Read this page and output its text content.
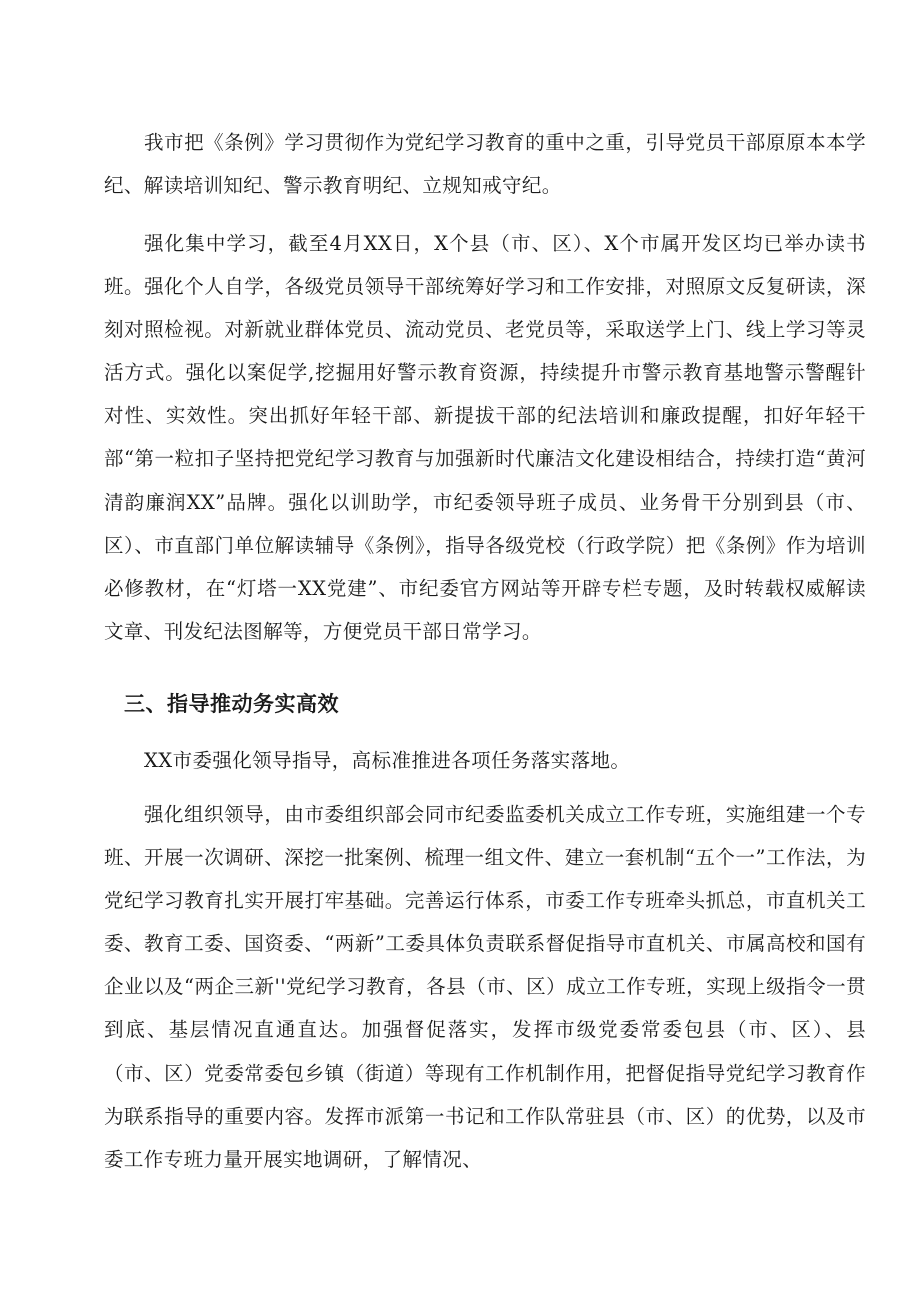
我市把《条例》学习贯彻作为党纪学习教育的重中之重，引导党员干部原原本本学纪、解读培训知纪、警示教育明纪、立规知戒守纪。

强化集中学习，截至4月XX日，X个县（市、区）、X个市属开发区均已举办读书班。强化个人自学，各级党员领导干部统筹好学习和工作安排，对照原文反复研读，深刻对照检视。对新就业群体党员、流动党员、老党员等，采取送学上门、线上学习等灵活方式。强化以案促学,挖掘用好警示教育资源，持续提升市警示教育基地警示警醒针对性、实效性。突出抓好年轻干部、新提拔干部的纪法培训和廉政提醒，扣好年轻干部“第一粒扣子坚持把党纪学习教育与加强新时代廉洁文化建设相结合，持续打造“黄河清韵廉润XX”品牌。强化以训助学，市纪委领导班子成员、业务骨干分别到县（市、区）、市直部门单位解读辅导《条例》，指导各级党校（行政学院）把《条例》作为培训必修教材，在“灯塔一XX党建”、市纪委官方网站等开辟专栏专题，及时转载权威解读文章、刊发纪法图解等，方便党员干部日常学习。

三、指导推动务实高效

XX市委强化领导指导，高标准推进各项任务落实落地。

强化组织领导，由市委组织部会同市纪委监委机关成立工作专班，实施组建一个专班、开展一次调研、深挖一批案例、梳理一组文件、建立一套机制“五个一”工作法，为党纪学习教育扎实开展打牢基础。完善运行体系，市委工作专班牵头抓总，市直机关工委、教育工委、国资委、“两新”工委具体负责联系督促指导市直机关、市属高校和国有企业以及“两企三新''党纪学习教育，各县（市、区）成立工作专班，实现上级指令一贯到底、基层情况直通直达。加强督促落实，发挥市级党委常委包县（市、区）、县（市、区）党委常委包乡镇（街道）等现有工作机制作用，把督促指导党纪学习教育作为联系指导的重要内容。发挥市派第一书记和工作队常驻县（市、区）的优势，以及市委工作专班力量开展实地调研，了解情况、
